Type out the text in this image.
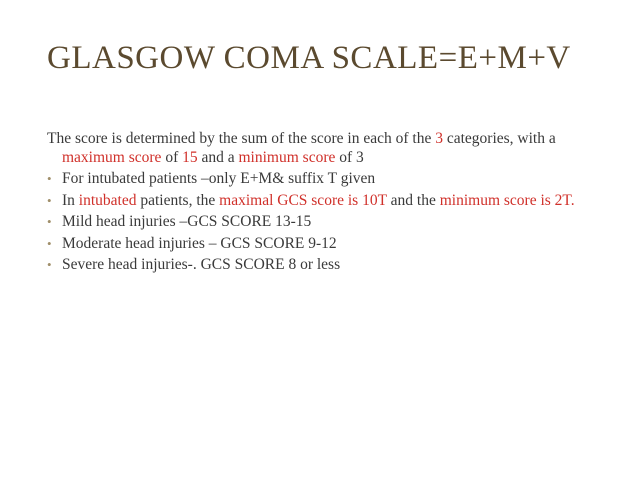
GLASGOW COMA SCALE=E+M+V

The score is determined by the sum of the score in each of the 3 categories, with a maximum score of 15 and a minimum score of 3

• For intubated patients –only E+M& suffix T given
• In intubated patients, the maximal GCS score is 10T and the minimum score is 2T.
• Mild head injuries –GCS SCORE 13-15
• Moderate head injuries – GCS SCORE 9-12
• Severe head injuries-. GCS SCORE 8 or less
